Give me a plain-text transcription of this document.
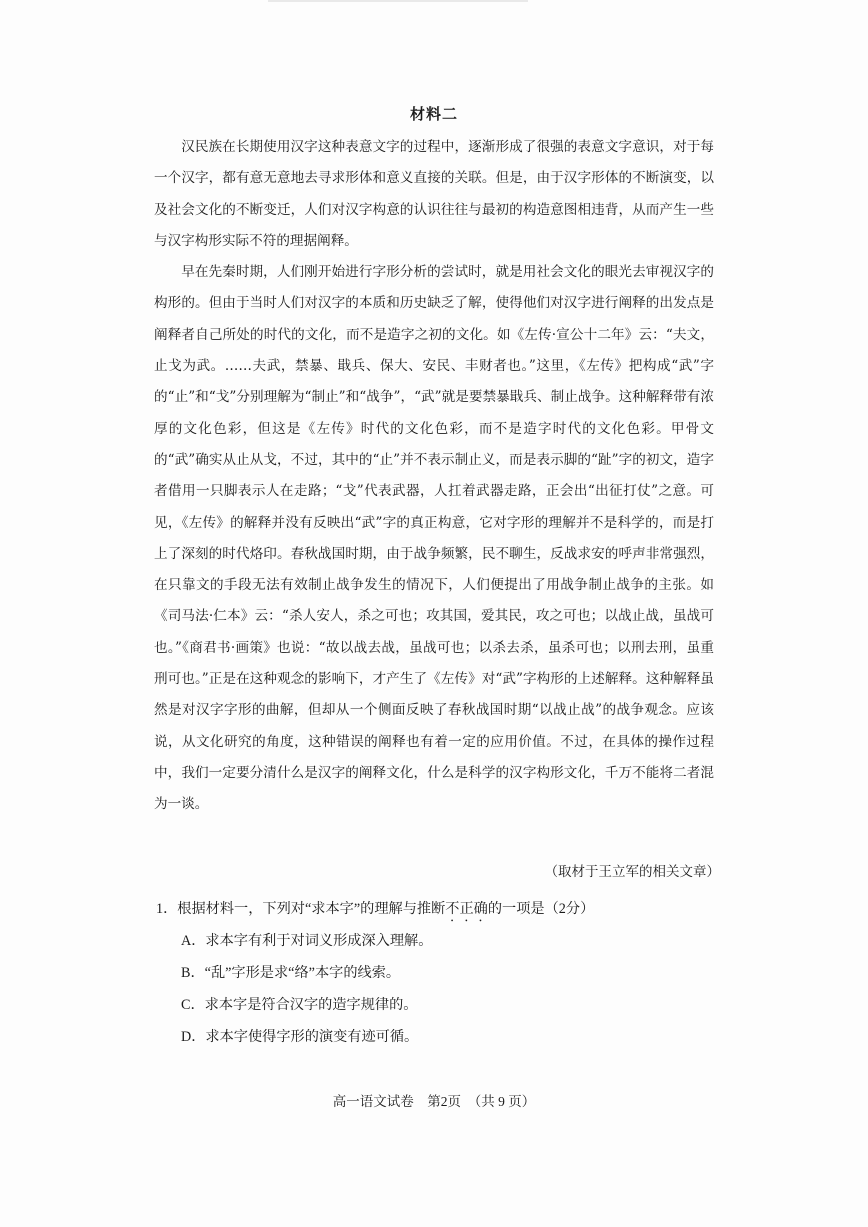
材料二

汉民族在长期使用汉字这种表意文字的过程中，逐渐形成了很强的表意文字意识，对于每一个汉字，都有意无意地去寻求形体和意义直接的关联。但是，由于汉字形体的不断演变，以及社会文化的不断变迁，人们对汉字构意的认识往往与最初的构造意图相违背，从而产生一些与汉字构形实际不符的理据阐释。

早在先秦时期，人们刚开始进行字形分析的尝试时，就是用社会文化的眼光去审视汉字的构形的。但由于当时人们对汉字的本质和历史缺乏了解，使得他们对汉字进行阐释的出发点是阐释者自己所处的时代的文化，而不是造字之初的文化。如《左传·宣公十二年》云：“夫文，止戈为武。……夫武，禁暴、戢兵、保大、安民、丰财者也。”这里，《左传》把构成“武”字的“止”和“戈”分别理解为“制止”和“战争”，“武”就是要禁暴戢兵、制止战争。这种解释带有浓厚的文化色彩，但这是《左传》时代的文化色彩，而不是造字时代的文化色彩。甲骨文的“武”确实从止从戈，不过，其中的“止”并不表示制止义，而是表示脚的“趾”字的初文，造字者借用一只脚表示人在走路；“戈”代表武器，人扛着武器走路，正会出“出征打仗”之意。可见，《左传》的解释并没有反映出“武”字的真正构意，它对字形的理解并不是科学的，而是打上了深刻的时代烙印。春秋战国时期，由于战争频繁，民不聊生，反战求安的呼声非常强烈，在只靠文的手段无法有效制止战争发生的情况下，人们便提出了用战争制止战争的主张。如《司马法·仁本》云：“杀人安人，杀之可也；攻其国，爱其民，攻之可也；以战止战，虽战可也。”《商君书·画策》也说：“故以战去战，虽战可也；以杀去杀，虽杀可也；以刑去刑，虽重刑可也。”正是在这种观念的影响下，才产生了《左传》对“武”字构形的上述解释。这种解释虽然是对汉字字形的曲解，但却从一个侧面反映了春秋战国时期“以战止战”的战争观念。应该说，从文化研究的角度，这种错误的阐释也有着一定的应用价值。不过，在具体的操作过程中，我们一定要分清什么是汉字的阐释文化，什么是科学的汉字构形文化，千万不能将二者混为一谈。

（取材于王立军的相关文章）
1．根据材料一，下列对“求本字”的理解与推断不正确的一项是（2分）
A．求本字有利于对词义形成深入理解。
B．“乱”字形是求“络”本字的线索。
C．求本字是符合汉字的造字规律的。
D．求本字使得字形的演变有迹可循。
高一语文试卷　第2页　（共 9 页）
